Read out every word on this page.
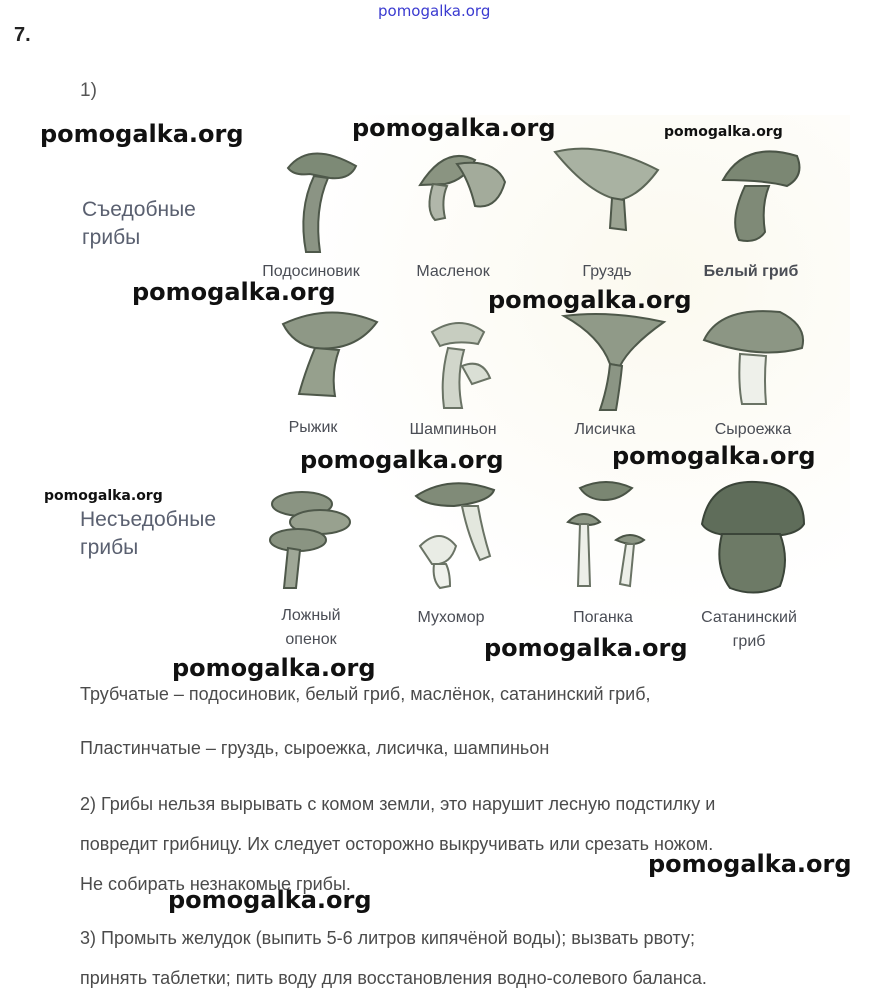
pomogalka.org
7.
1)
Съедобные
грибы
Несъедобные
грибы
Подосиновик	Масленок	Груздь	Белый гриб
Рыжик	Шампиньон	Лисичка	Сыроежка
Ложный
опенок
Мухомор	Поганка	Сатанинский
гриб
Трубчатые – подосиновик, белый гриб, маслёнок, сатанинский гриб,
Пластинчатые – груздь, сыроежка, лисичка, шампиньон
2) Грибы нельзя вырывать с комом земли, это нарушит лесную подстилку и
повредит грибницу. Их следует осторожно выкручивать или срезать ножом.
Не собирать незнакомые грибы.
3) Промыть желудок (выпить 5-6 литров кипячёной воды); вызвать рвоту;
принять таблетки; пить воду для восстановления водно-солевого баланса.
pomogalka.org	pomogalka.org	pomogalka.org
pomogalka.org	pomogalka.org
pomogalka.org	pomogalka.org
pomogalka.org
pomogalka.org
pomogalka.org
pomogalka.org
pomogalka.org
